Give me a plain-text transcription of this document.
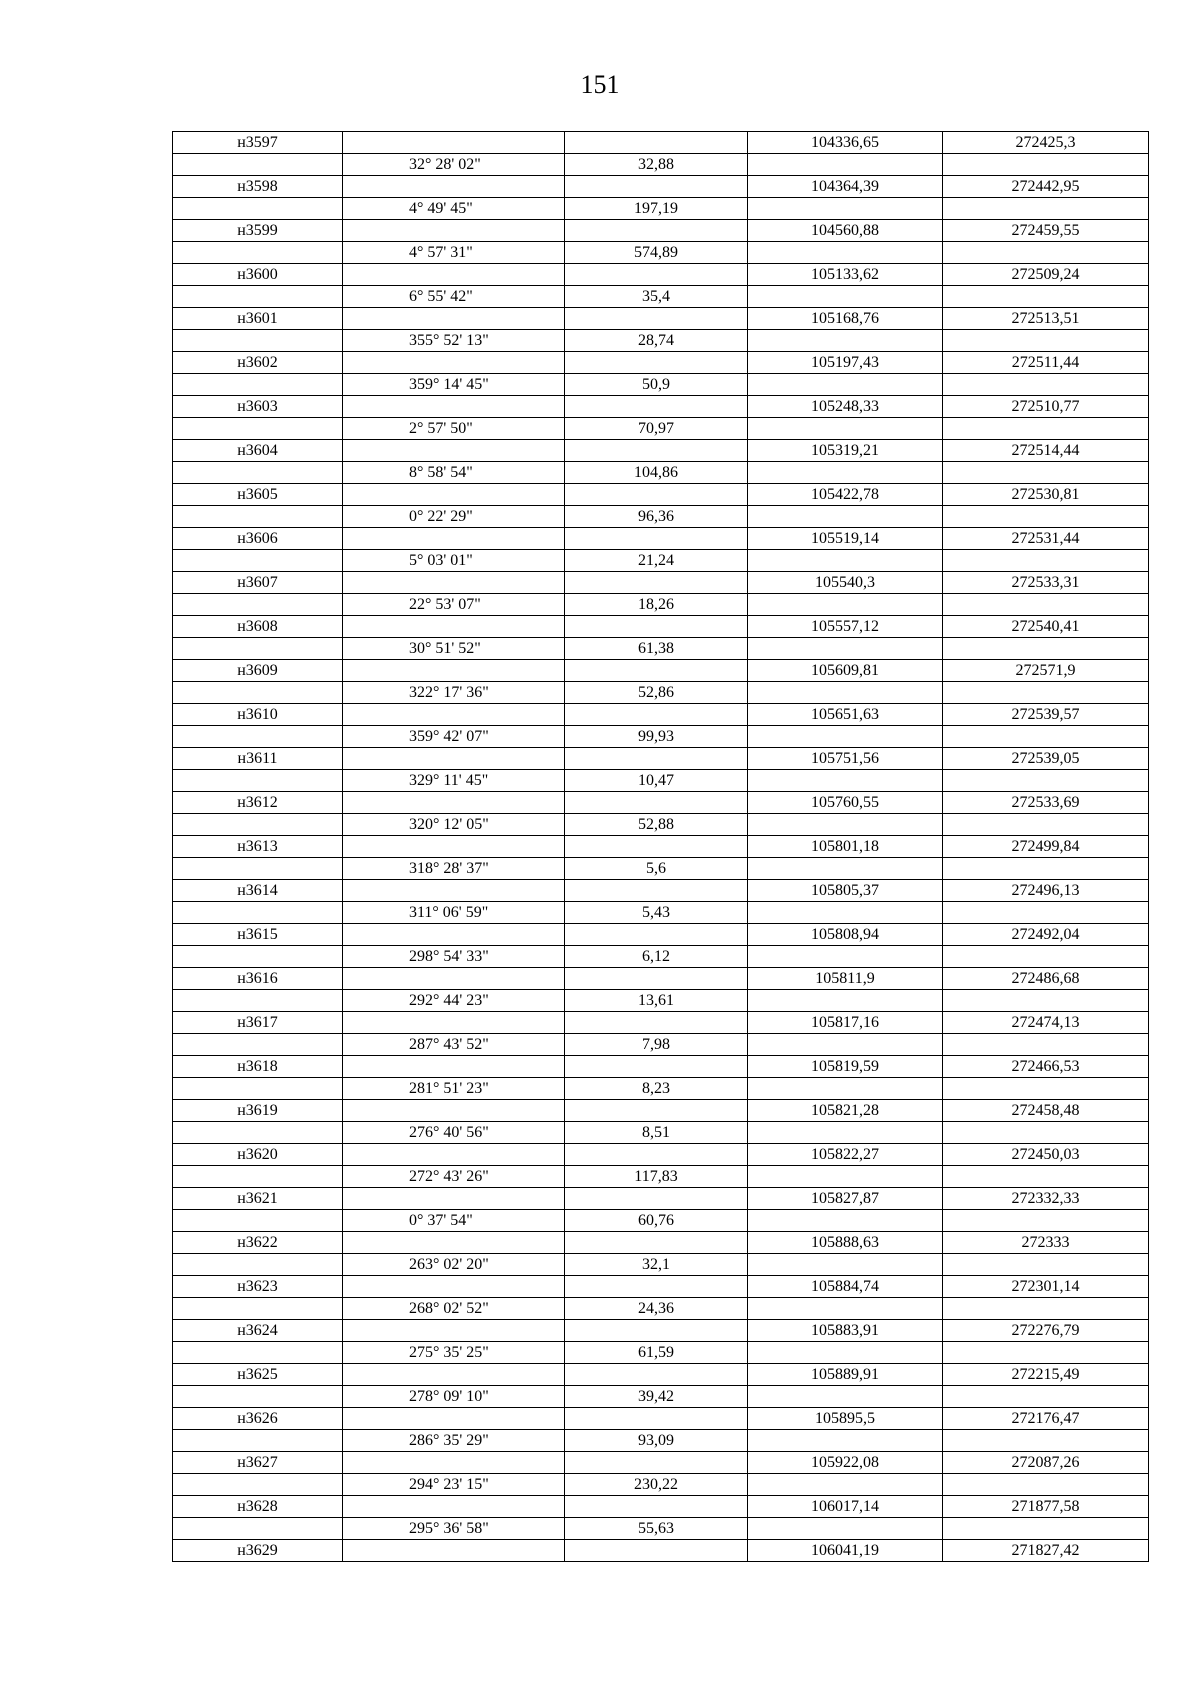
151
н3597			104336,65	272425,3
	32° 28' 02"	32,88		
н3598			104364,39	272442,95
	4° 49' 45"	197,19		
н3599			104560,88	272459,55
	4° 57' 31"	574,89		
н3600			105133,62	272509,24
	6° 55' 42"	35,4		
н3601			105168,76	272513,51
	355° 52' 13"	28,74		
н3602			105197,43	272511,44
	359° 14' 45"	50,9		
н3603			105248,33	272510,77
	2° 57' 50"	70,97		
н3604			105319,21	272514,44
	8° 58' 54"	104,86		
н3605			105422,78	272530,81
	0° 22' 29"	96,36		
н3606			105519,14	272531,44
	5° 03' 01"	21,24		
н3607			105540,3	272533,31
	22° 53' 07"	18,26		
н3608			105557,12	272540,41
	30° 51' 52"	61,38		
н3609			105609,81	272571,9
	322° 17' 36"	52,86		
н3610			105651,63	272539,57
	359° 42' 07"	99,93		
н3611			105751,56	272539,05
	329° 11' 45"	10,47		
н3612			105760,55	272533,69
	320° 12' 05"	52,88		
н3613			105801,18	272499,84
	318° 28' 37"	5,6		
н3614			105805,37	272496,13
	311° 06' 59"	5,43		
н3615			105808,94	272492,04
	298° 54' 33"	6,12		
н3616			105811,9	272486,68
	292° 44' 23"	13,61		
н3617			105817,16	272474,13
	287° 43' 52"	7,98		
н3618			105819,59	272466,53
	281° 51' 23"	8,23		
н3619			105821,28	272458,48
	276° 40' 56"	8,51		
н3620			105822,27	272450,03
	272° 43' 26"	117,83		
н3621			105827,87	272332,33
	0° 37' 54"	60,76		
н3622			105888,63	272333
	263° 02' 20"	32,1		
н3623			105884,74	272301,14
	268° 02' 52"	24,36		
н3624			105883,91	272276,79
	275° 35' 25"	61,59		
н3625			105889,91	272215,49
	278° 09' 10"	39,42		
н3626			105895,5	272176,47
	286° 35' 29"	93,09		
н3627			105922,08	272087,26
	294° 23' 15"	230,22		
н3628			106017,14	271877,58
	295° 36' 58"	55,63		
н3629			106041,19	271827,42
